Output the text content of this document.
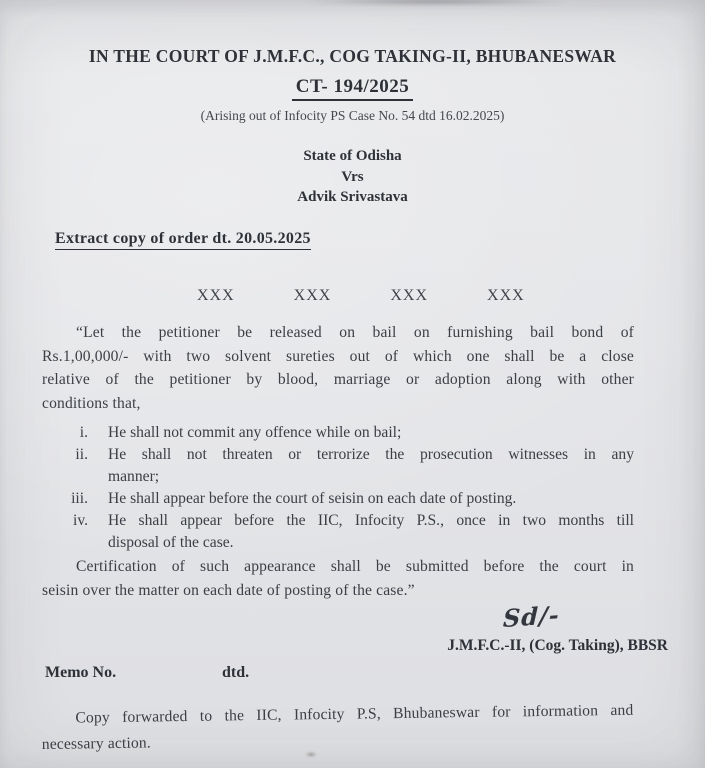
IN THE COURT OF J.M.F.C., COG TAKING-II, BHUBANESWAR
CT- 194/2025
(Arising out of Infocity PS Case No. 54 dtd 16.02.2025)
State of Odisha
Vrs
Advik Srivastava
Extract copy of order dt. 20.05.2025
XXX	XXX	XXX	XXX
“Let the petitioner be released on bail on furnishing bail bond of
Rs.1,00,000/- with two solvent sureties out of which one shall be a close
relative of the petitioner by blood, marriage or adoption along with other
conditions that,
i. He shall not commit any offence while on bail;
ii. He shall not threaten or terrorize the prosecution witnesses in any
manner;
iii. He shall appear before the court of seisin on each date of posting.
iv. He shall appear before the IIC, Infocity P.S., once in two months till
disposal of the case.
Certification of such appearance shall be submitted before the court in
seisin over the matter on each date of posting of the case.”
Sd/-
J.M.F.C.-II, (Cog. Taking), BBSR
Memo No.	dtd.
Copy forwarded to the IIC, Infocity P.S, Bhubaneswar for information and
necessary action.
